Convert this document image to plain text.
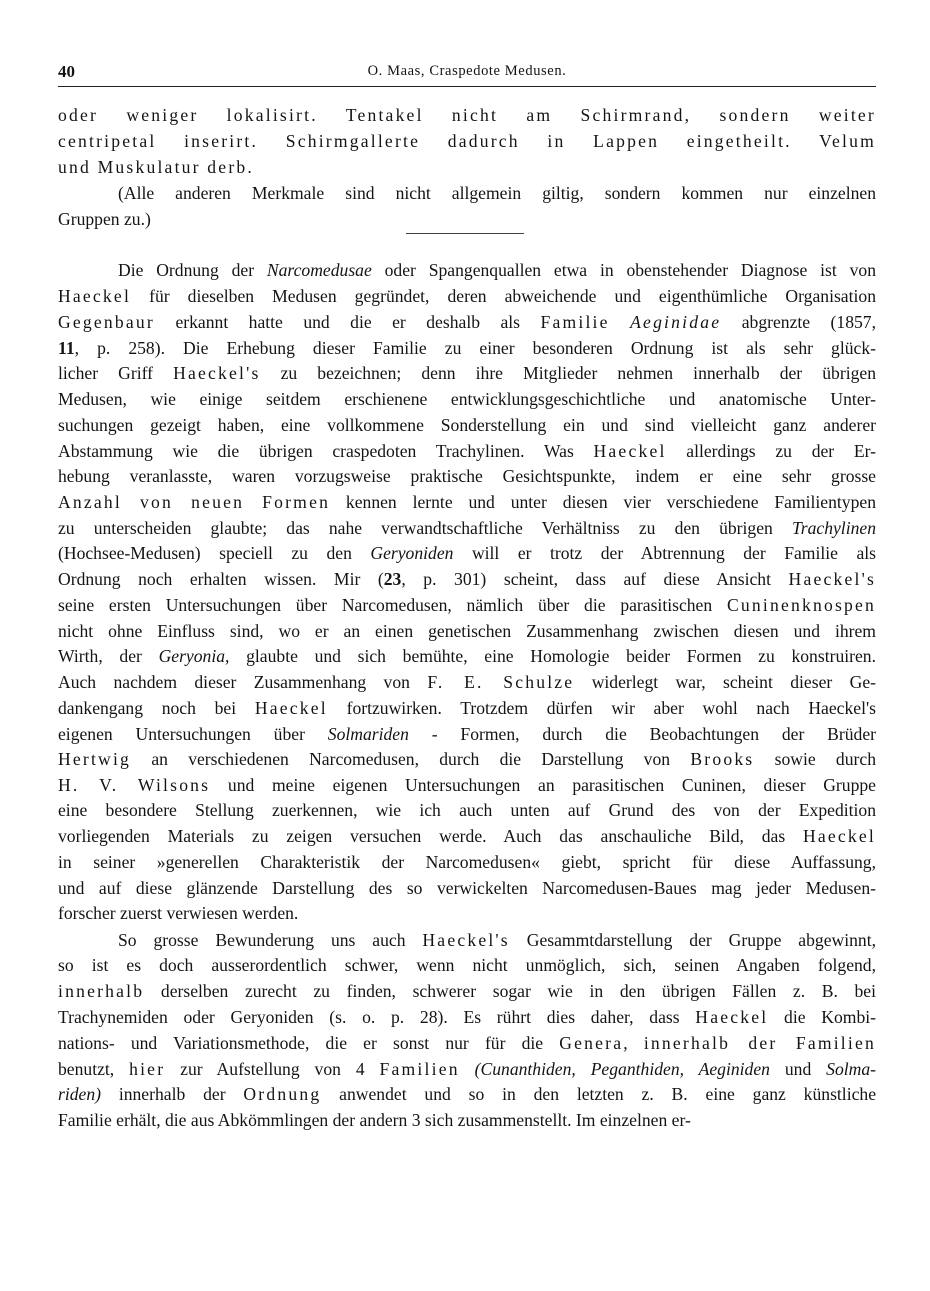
40	O. Maas, Craspedote Medusen.
oder weniger lokalisirt. Tentakel nicht am Schirmrand, sondern weiter
centripetal inserirt. Schirmgallerte dadurch in Lappen eingetheilt. Velum
und Muskulatur derb.
(Alle anderen Merkmale sind nicht allgemein giltig, sondern kommen nur einzelnen
Gruppen zu.)
Die Ordnung der Narcomedusae oder Spangenquallen etwa in obenstehender Diagnose ist von
Haeckel für dieselben Medusen gegründet, deren abweichende und eigenthümliche Organisation
Gegenbaur erkannt hatte und die er deshalb als Familie Aeginidae abgrenzte (1857,
11, p. 258). Die Erhebung dieser Familie zu einer besonderen Ordnung ist als sehr glück-
licher Griff Haeckel's zu bezeichnen; denn ihre Mitglieder nehmen innerhalb der übrigen
Medusen, wie einige seitdem erschienene entwicklungsgeschichtliche und anatomische Unter-
suchungen gezeigt haben, eine vollkommene Sonderstellung ein und sind vielleicht ganz anderer
Abstammung wie die übrigen craspedoten Trachylinen. Was Haeckel allerdings zu der Er-
hebung veranlasste, waren vorzugsweise praktische Gesichtspunkte, indem er eine sehr grosse
Anzahl von neuen Formen kennen lernte und unter diesen vier verschiedene Familientypen
zu unterscheiden glaubte; das nahe verwandtschaftliche Verhältniss zu den übrigen Trachylinen
(Hochsee-Medusen) speciell zu den Geryoniden will er trotz der Abtrennung der Familie als
Ordnung noch erhalten wissen. Mir (23, p. 301) scheint, dass auf diese Ansicht Haeckel's
seine ersten Untersuchungen über Narcomedusen, nämlich über die parasitischen Cuninenknospen
nicht ohne Einfluss sind, wo er an einen genetischen Zusammenhang zwischen diesen und ihrem
Wirth, der Geryonia, glaubte und sich bemühte, eine Homologie beider Formen zu konstruiren.
Auch nachdem dieser Zusammenhang von F. E. Schulze widerlegt war, scheint dieser Ge-
dankengang noch bei Haeckel fortzuwirken. Trotzdem dürfen wir aber wohl nach Haeckel's
eigenen Untersuchungen über Solmariden - Formen, durch die Beobachtungen der Brüder
Hertwig an verschiedenen Narcomedusen, durch die Darstellung von Brooks sowie durch
H. V. Wilsons und meine eigenen Untersuchungen an parasitischen Cuninen, dieser Gruppe
eine besondere Stellung zuerkennen, wie ich auch unten auf Grund des von der Expedition
vorliegenden Materials zu zeigen versuchen werde. Auch das anschauliche Bild, das Haeckel
in seiner »generellen Charakteristik der Narcomedusen« giebt, spricht für diese Auffassung,
und auf diese glänzende Darstellung des so verwickelten Narcomedusen-Baues mag jeder Medusen-
forscher zuerst verwiesen werden.
So grosse Bewunderung uns auch Haeckel's Gesammtdarstellung der Gruppe abgewinnt,
so ist es doch ausserordentlich schwer, wenn nicht unmöglich, sich, seinen Angaben folgend,
innerhalb derselben zurecht zu finden, schwerer sogar wie in den übrigen Fällen z. B. bei
Trachynemiden oder Geryoniden (s. o. p. 28). Es rührt dies daher, dass Haeckel die Kombi-
nations- und Variationsmethode, die er sonst nur für die Genera, innerhalb der Familien
benutzt, hier zur Aufstellung von 4 Familien (Cunanthiden, Peganthiden, Aeginiden und Solma-
riden) innerhalb der Ordnung anwendet und so in den letzten z. B. eine ganz künstliche
Familie erhält, die aus Abkömmlingen der andern 3 sich zusammenstellt. Im einzelnen er-
